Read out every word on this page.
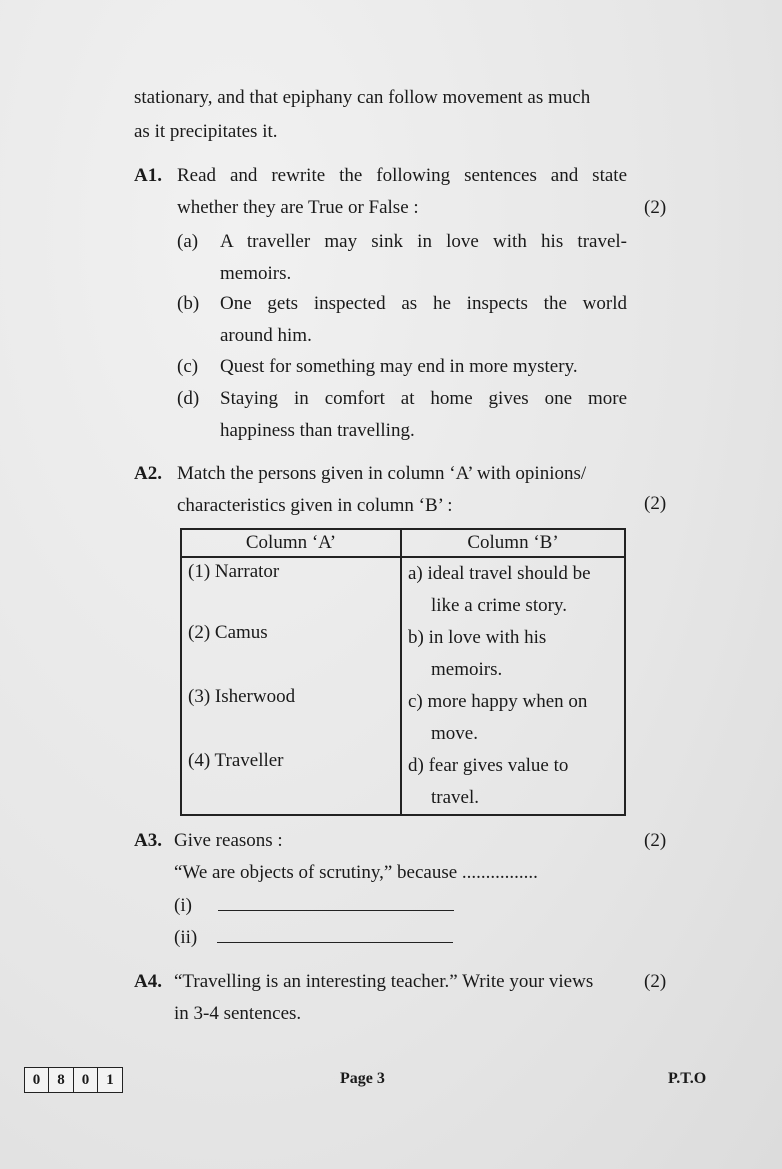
stationary, and that epiphany can follow movement as much
as it precipitates it.
A1. Read and rewrite the following sentences and state
whether they are True or False :	(2)
(a) A traveller may sink in love with his travel-
memoirs.
(b) One gets inspected as he inspects the world
around him.
(c) Quest for something may end in more mystery.
(d) Staying in comfort at home gives one more
happiness than travelling.
A2. Match the persons given in column ‘A’ with opinions/
characteristics given in column ‘B’ :	(2)
Column ‘A’	Column ‘B’
(1) Narrator	a) ideal travel should be
like a crime story.

(2) Camus	b) in love with his
memoirs.

(3) Isherwood	c) more happy when on
move.

(4) Traveller	d) fear gives value to
travel.
A3. Give reasons :	(2)
“We are objects of scrutiny,” because ................
(i)
(ii)
A4. “Travelling is an interesting teacher.” Write your views	(2)
in 3-4 sentences.
0	8	0	1	Page 3	P.T.O
